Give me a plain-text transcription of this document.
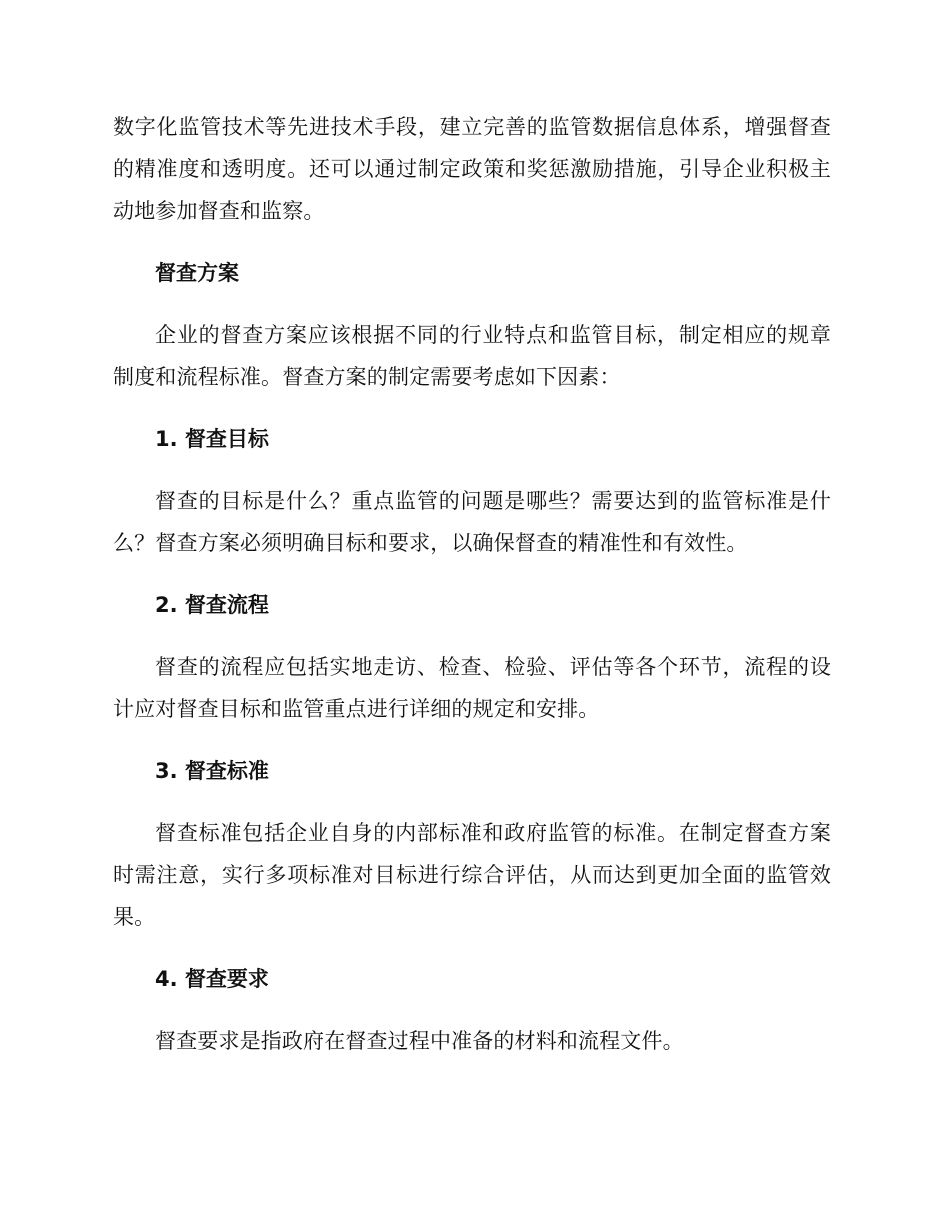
数字化监管技术等先进技术手段，建立完善的监管数据信息体系，增强督查的精准度和透明度。还可以通过制定政策和奖惩激励措施，引导企业积极主动地参加督查和监察。

督查方案

企业的督查方案应该根据不同的行业特点和监管目标，制定相应的规章制度和流程标准。督查方案的制定需要考虑如下因素：

1. 督查目标

督查的目标是什么？重点监管的问题是哪些？需要达到的监管标准是什么？督查方案必须明确目标和要求，以确保督查的精准性和有效性。

2. 督查流程

督查的流程应包括实地走访、检查、检验、评估等各个环节，流程的设计应对督查目标和监管重点进行详细的规定和安排。

3. 督查标准

督查标准包括企业自身的内部标准和政府监管的标准。在制定督查方案时需注意，实行多项标准对目标进行综合评估，从而达到更加全面的监管效果。

4. 督查要求

督查要求是指政府在督查过程中准备的材料和流程文件。
